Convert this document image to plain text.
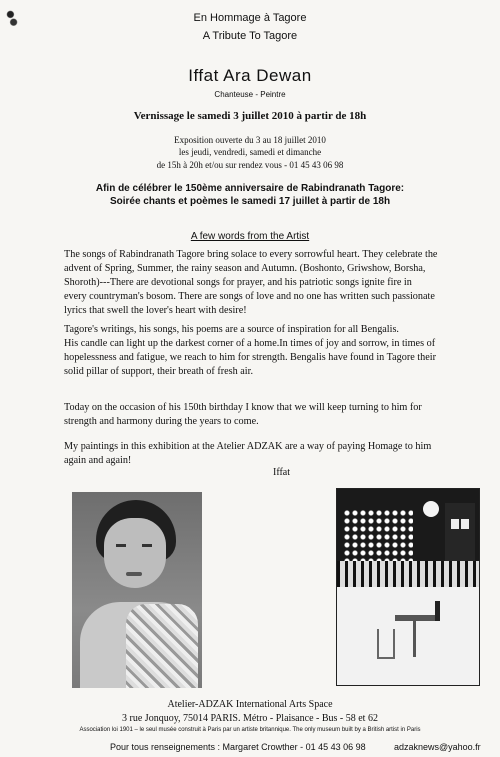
En Hommage à Tagore
A Tribute To Tagore
Iffat Ara Dewan
Chanteuse - Peintre
Vernissage le samedi 3 juillet 2010 à partir de 18h
Exposition ouverte du 3 au 18 juillet 2010
les jeudi, vendredi, samedi et dimanche
de 15h à 20h et/ou sur rendez vous - 01 45 43 06 98
Afin de célébrer le 150ème anniversaire de Rabindranath Tagore:
Soirée chants et poèmes le samedi 17 juillet à partir de 18h
A few words from the Artist
The songs of Rabindranath Tagore bring solace to every sorrowful heart. They celebrate the
advent of Spring, Summer, the rainy season and Autumn. (Boshonto, Griwshow, Borsha,
Shoroth)---There are devotional songs for prayer, and his patriotic songs ignite fire in
every countryman's bosom. There are songs of love and no one has written such passionate
lyrics that swell the lover's heart with desire!
Tagore's writings, his songs, his poems are a source of inspiration for all Bengalis.
His candle can light up the darkest corner of a home.In times of joy and sorrow, in times of
hopelessness and fatigue, we reach to him for strength. Bengalis have found in Tagore their
solid pillar of support, their breath of fresh air.
Today on the occasion of his 150th birthday I know that we will keep turning to him for
strength and harmony during the years to come.
My paintings in this exhibition at the Atelier ADZAK are a way of paying Homage to him
again and again!
Iffat
Atelier-ADZAK International Arts Space
3 rue Jonquoy, 75014 PARIS. Métro - Plaisance - Bus - 58 et 62
Association loi 1901 – le seul musée construit à Paris par un artiste britannique. The only museum built by a British artist in Paris
Pour tous renseignements : Margaret Crowther - 01 45 43 06 98	adzaknews@yahoo.fr
